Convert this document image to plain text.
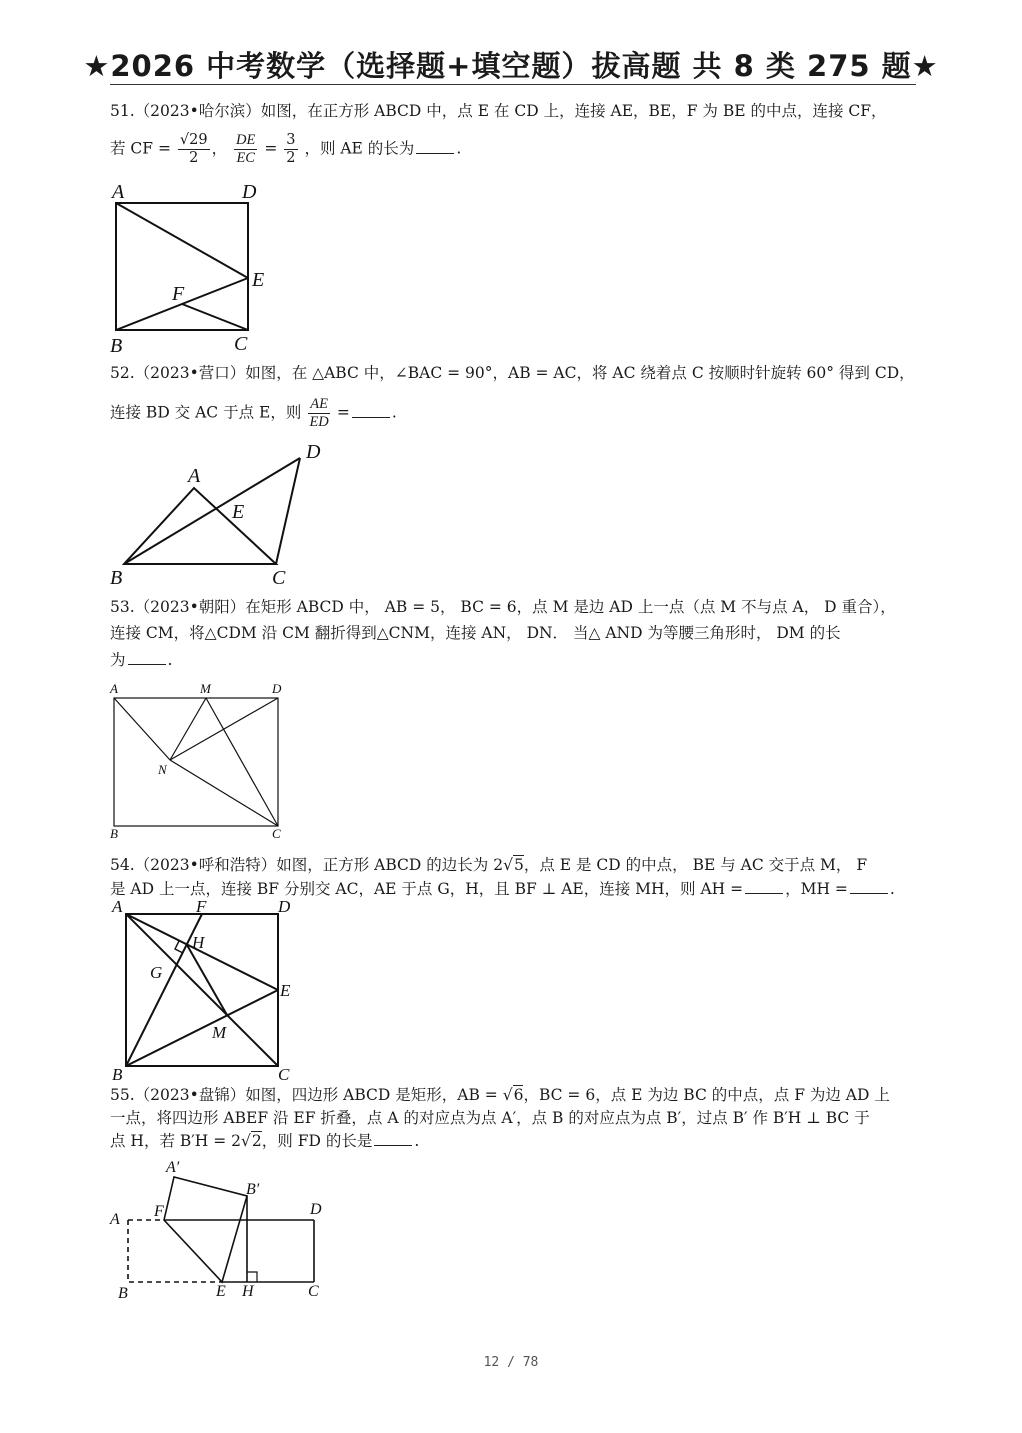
★2026 中考数学（选择题+填空题）拔高题 共 8 类 275 题★
51.（2023•哈尔滨）如图，在正方形 ABCD 中，点 E 在 CD 上，连接 AE，BE，F 为 BE 的中点，连接 CF，
若 CF = $\frac{√29}{2}$ ， $\frac{DE}{EC} = \frac{3}{2}$ ，则 AE 的长为	.
A	D
E
F
B	C
52.（2023•营口）如图，在 △ABC 中，∠BAC = 90°，AB = AC，将 AC 绕着点 C 按顺时针旋转 60° 得到 CD，
连接 BD 交 AC 于点 E，则 $\frac{AE}{ED}$ =	.
A
D
E
B	C
53.（2023•朝阳）在矩形 ABCD 中， AB = 5， BC = 6，点 M 是边 AD 上一点（点 M 不与点 A， D 重合），
连接 CM，将△CDM 沿 CM 翻折得到△CNM，连接 AN， DN． 当△ AND 为等腰三角形时， DM 的长
为	.
A	M	D
N
B	C
54.（2023•呼和浩特）如图，正方形 ABCD 的边长为 2√5，点 E 是 CD 的中点， BE 与 AC 交于点 M， F
是 AD 上一点，连接 BF 分别交 AC，AE 于点 G，H，且 BF ⊥ AE，连接 MH，则 AH =	，MH =	.
A	F	D
H
G
E
M
B	C
55.（2023•盘锦）如图，四边形 ABCD 是矩形，AB = √6，BC = 6，点 E 为边 BC 的中点，点 F 为边 AD 上
一点，将四边形 ABEF 沿 EF 折叠，点 A 的对应点为点 A′，点 B 的对应点为点 B′，过点 B′ 作 B′H ⊥ BC 于
点 H，若 B′H = 2√2，则 FD 的长是	.
A′
B′
A F	D
B	E H	C
12 / 78
